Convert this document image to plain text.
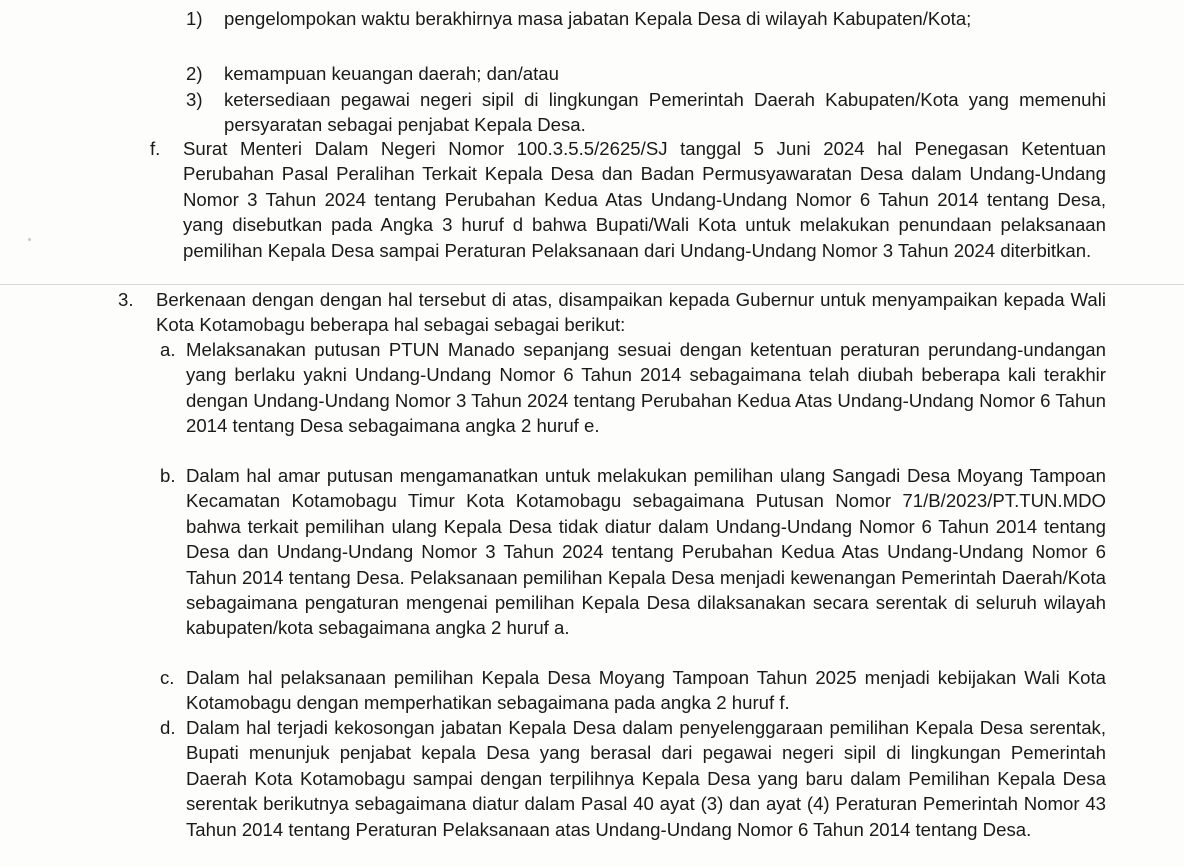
1)	pengelompokan waktu berakhirnya masa jabatan Kepala Desa di wilayah Kabupaten/Kota;
2)	kemampuan keuangan daerah; dan/atau
3)	ketersediaan pegawai negeri sipil di lingkungan Pemerintah Daerah Kabupaten/Kota yang memenuhi persyaratan sebagai penjabat Kepala Desa.
f.	Surat Menteri Dalam Negeri Nomor 100.3.5.5/2625/SJ tanggal 5 Juni 2024 hal Penegasan Ketentuan Perubahan Pasal Peralihan Terkait Kepala Desa dan Badan Permusyawaratan Desa dalam Undang-Undang Nomor 3 Tahun 2024 tentang Perubahan Kedua Atas Undang-Undang Nomor 6 Tahun 2014 tentang Desa, yang disebutkan pada Angka 3 huruf d bahwa Bupati/Wali Kota untuk melakukan penundaan pelaksanaan pemilihan Kepala Desa sampai Peraturan Pelaksanaan dari Undang-Undang Nomor 3 Tahun 2024 diterbitkan.
3.	Berkenaan dengan dengan hal tersebut di atas, disampaikan kepada Gubernur untuk menyampaikan kepada Wali Kota Kotamobagu beberapa hal sebagai sebagai berikut:
a. Melaksanakan putusan PTUN Manado sepanjang sesuai dengan ketentuan peraturan perundang-undangan yang berlaku yakni Undang-Undang Nomor 6 Tahun 2014 sebagaimana telah diubah beberapa kali terakhir dengan Undang-Undang Nomor 3 Tahun 2024 tentang Perubahan Kedua Atas Undang-Undang Nomor 6 Tahun 2014 tentang Desa sebagaimana angka 2 huruf e.
b. Dalam hal amar putusan mengamanatkan untuk melakukan pemilihan ulang Sangadi Desa Moyang Tampoan Kecamatan Kotamobagu Timur Kota Kotamobagu sebagaimana Putusan Nomor 71/B/2023/PT.TUN.MDO bahwa terkait pemilihan ulang Kepala Desa tidak diatur dalam Undang-Undang Nomor 6 Tahun 2014 tentang Desa dan Undang-Undang Nomor 3 Tahun 2024 tentang Perubahan Kedua Atas Undang-Undang Nomor 6 Tahun 2014 tentang Desa. Pelaksanaan pemilihan Kepala Desa menjadi kewenangan Pemerintah Daerah/Kota sebagaimana pengaturan mengenai pemilihan Kepala Desa dilaksanakan secara serentak di seluruh wilayah kabupaten/kota sebagaimana angka 2 huruf a.
c. Dalam hal pelaksanaan pemilihan Kepala Desa Moyang Tampoan Tahun 2025 menjadi kebijakan Wali Kota Kotamobagu dengan memperhatikan sebagaimana pada angka 2 huruf f.
d. Dalam hal terjadi kekosongan jabatan Kepala Desa dalam penyelenggaraan pemilihan Kepala Desa serentak, Bupati menunjuk penjabat kepala Desa yang berasal dari pegawai negeri sipil di lingkungan Pemerintah Daerah Kota Kotamobagu sampai dengan terpilihnya Kepala Desa yang baru dalam Pemilihan Kepala Desa serentak berikutnya sebagaimana diatur dalam Pasal 40 ayat (3) dan ayat (4) Peraturan Pemerintah Nomor 43 Tahun 2014 tentang Peraturan Pelaksanaan atas Undang-Undang Nomor 6 Tahun 2014 tentang Desa.
